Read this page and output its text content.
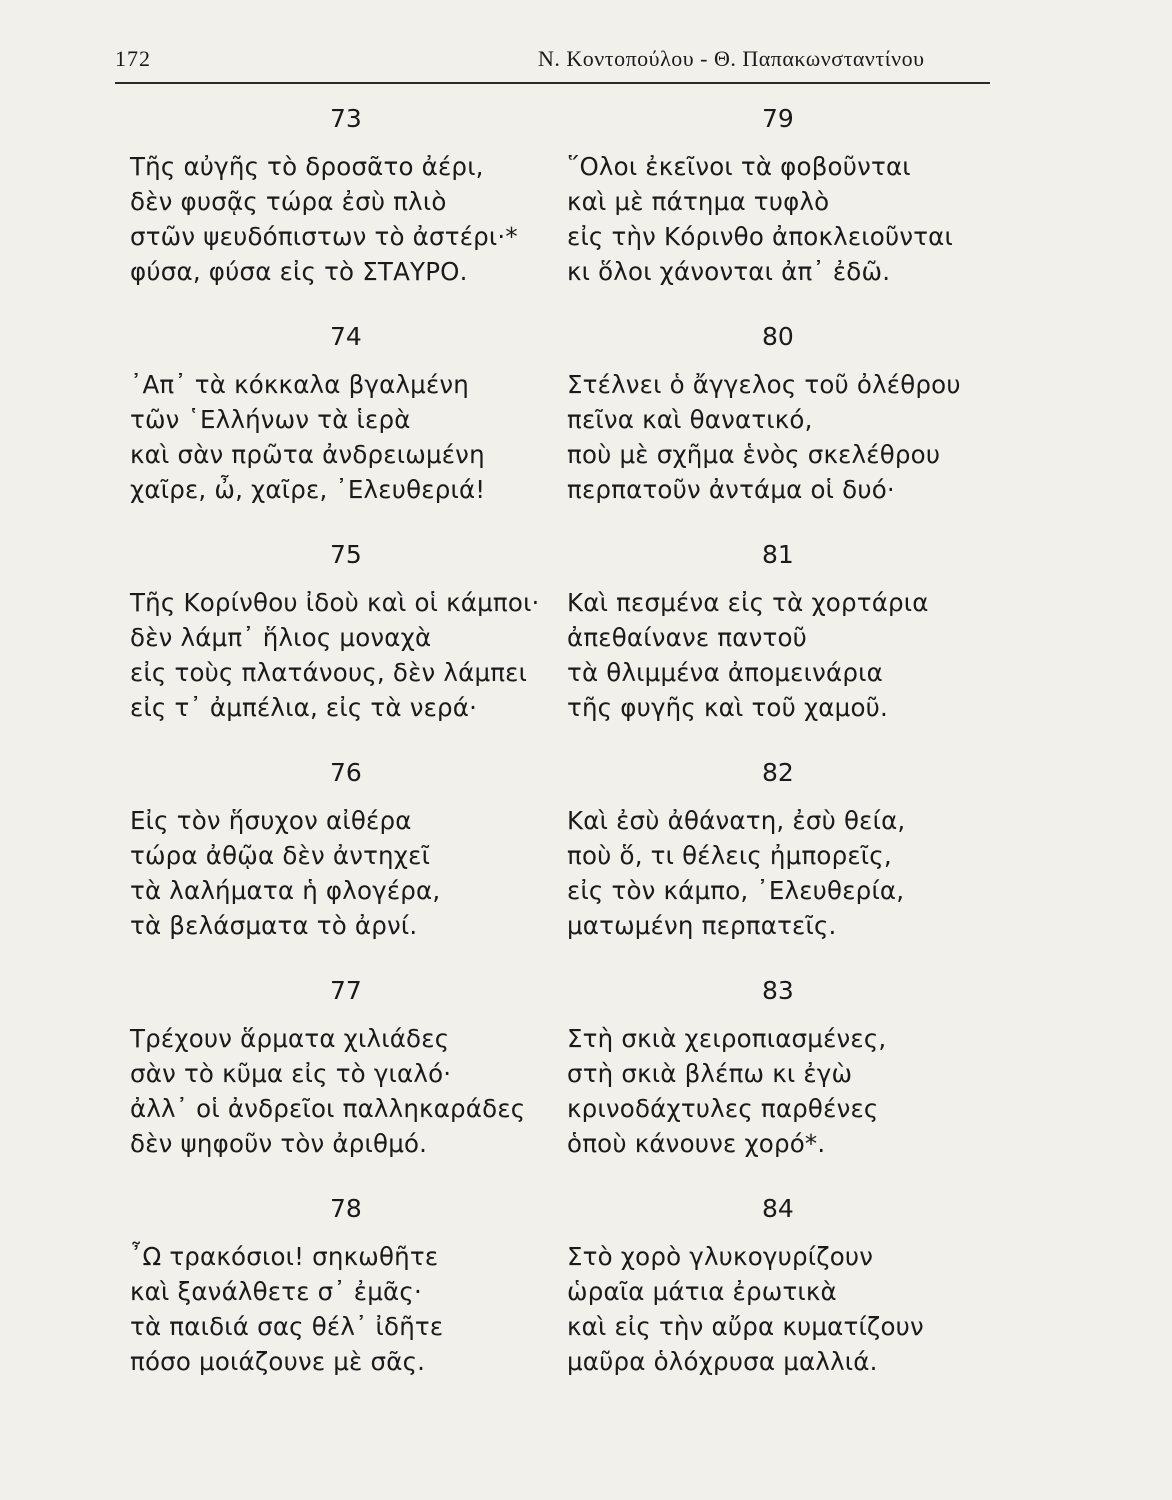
172	Ν. Κοντοπούλου - Θ. Παπακωνσταντίνου
73
Τῆς αὐγῆς τὸ δροσᾶτο ἀέρι,
δὲν φυσᾷς τώρα ἐσὺ πλιὸ
στῶν ψευδόπιστων τὸ ἀστέρι·*
φύσα, φύσα εἰς τὸ ΣΤΑΥΡΟ.
74
᾿Απ᾿ τὰ κόκκαλα βγαλμένη
τῶν ῾Ελλήνων τὰ ἱερὰ
καὶ σὰν πρῶτα ἀνδρειωμένη
χαῖρε, ὦ, χαῖρε, ᾿Ελευθεριά!
75
Τῆς Κορίνθου ἰδοὺ καὶ οἱ κάμποι·
δὲν λάμπ᾿ ἥλιος μοναχὰ
εἰς τοὺς πλατάνους, δὲν λάμπει
εἰς τ᾿ ἀμπέλια, εἰς τὰ νερά·
76
Εἰς τὸν ἥσυχον αἰθέρα
τώρα ἀθῷα δὲν ἀντηχεῖ
τὰ λαλήματα ἡ φλογέρα,
τὰ βελάσματα τὸ ἀρνί.
77
Τρέχουν ἅρματα χιλιάδες
σὰν τὸ κῦμα εἰς τὸ γιαλό·
ἀλλ᾿ οἱ ἀνδρεῖοι παλληκαράδες
δὲν ψηφοῦν τὸν ἀριθμό.
78
῏Ω τρακόσιοι! σηκωθῆτε
καὶ ξανάλθετε σ᾿ ἐμᾶς·
τὰ παιδιά σας θέλ᾿ ἰδῆτε
πόσο μοιάζουνε μὲ σᾶς.
79
῞Ολοι ἐκεῖνοι τὰ φοβοῦνται
καὶ μὲ πάτημα τυφλὸ
εἰς τὴν Κόρινθο ἀποκλειοῦνται
κι ὅλοι χάνονται ἀπ᾿ ἐδῶ.
80
Στέλνει ὁ ἄγγελος τοῦ ὀλέθρου
πεῖνα καὶ θανατικό,
ποὺ μὲ σχῆμα ἑνὸς σκελέθρου
περπατοῦν ἀντάμα οἱ δυό·
81
Καὶ πεσμένα εἰς τὰ χορτάρια
ἀπεθαίνανε παντοῦ
τὰ θλιμμένα ἀπομεινάρια
τῆς φυγῆς καὶ τοῦ χαμοῦ.
82
Καὶ ἐσὺ ἀθάνατη, ἐσὺ θεία,
ποὺ ὅ, τι θέλεις ἠμπορεῖς,
εἰς τὸν κάμπο, ᾿Ελευθερία,
ματωμένη περπατεῖς.
83
Στὴ σκιὰ χειροπιασμένες,
στὴ σκιὰ βλέπω κι ἐγὼ
κρινοδάχτυλες παρθένες
ὁποὺ κάνουνε χορό*.
84
Στὸ χορὸ γλυκογυρίζουν
ὡραῖα μάτια ἐρωτικὰ
καὶ εἰς τὴν αὔρα κυματίζουν
μαῦρα ὁλόχρυσα μαλλιά.
